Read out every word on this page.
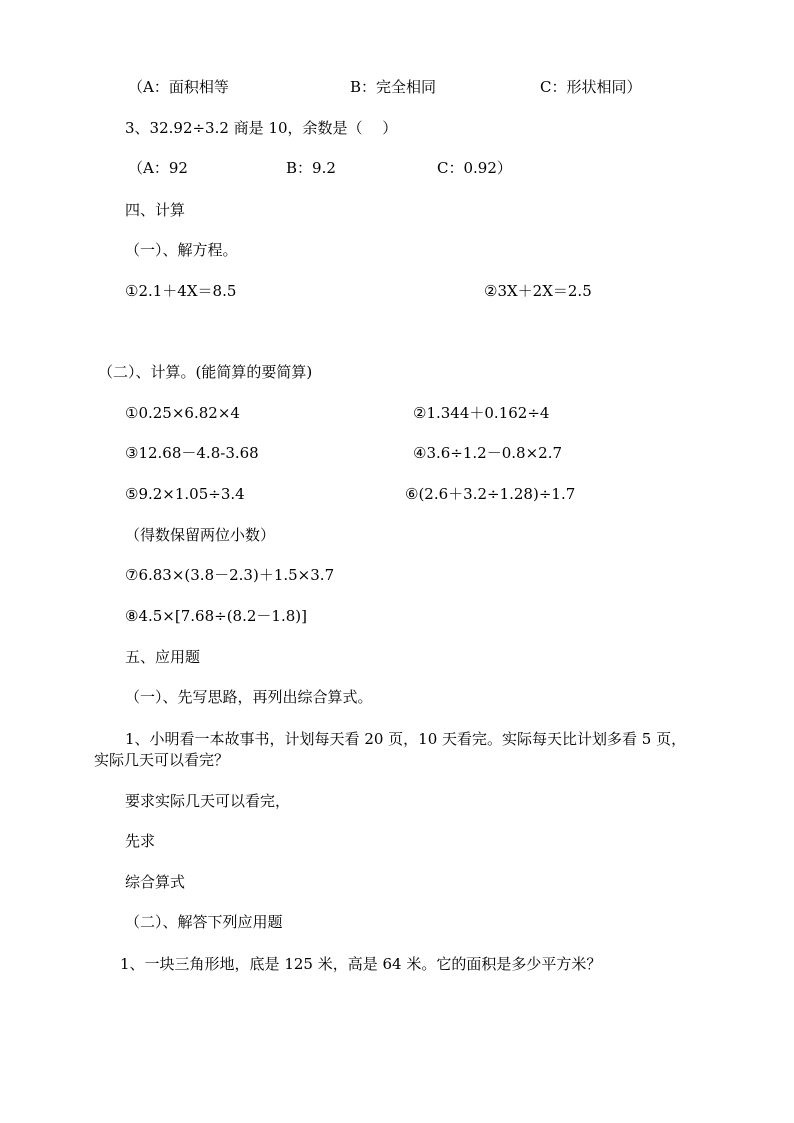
（A：面积相等	B：完全相同	C：形状相同）
3、32.92÷3.2 商是 10，余数是（　 ）
（A：92	B：9.2	C：0.92）
四、计算
（一）、解方程。
①2.1＋4X＝8.5	②3X＋2X＝2.5
（二）、计算。(能简算的要简算)
①0.25×6.82×4	②1.344＋0.162÷4
③12.68－4.8-3.68	④3.6÷1.2－0.8×2.7
⑤9.2×1.05÷3.4	⑥(2.6＋3.2÷1.28)÷1.7
（得数保留两位小数）
⑦6.83×(3.8－2.3)＋1.5×3.7
⑧4.5×[7.68÷(8.2－1.8)]
五、应用题
（一）、先写思路，再列出综合算式。
1、小明看一本故事书，计划每天看 20 页，10 天看完。实际每天比计划多看 5 页，
实际几天可以看完？
要求实际几天可以看完，
先求
综合算式
（二）、解答下列应用题
1、一块三角形地，底是 125 米，高是 64 米。它的面积是多少平方米？
